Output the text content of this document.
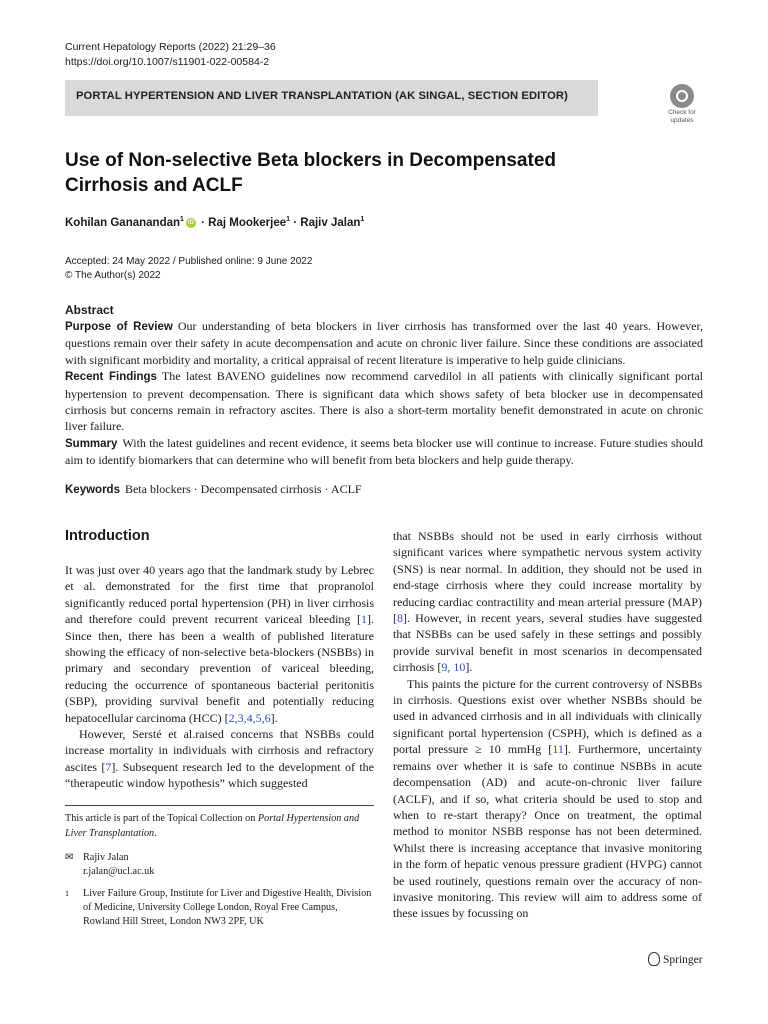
Current Hepatology Reports (2022) 21:29–36
https://doi.org/10.1007/s11901-022-00584-2
PORTAL HYPERTENSION AND LIVER TRANSPLANTATION (AK SINGAL, SECTION EDITOR)
Check for
updates
Use of Non-selective Beta blockers in Decompensated Cirrhosis and ACLF
Kohilan Gananandan$^1$ iD · Raj Mookerjee$^1$ · Rajiv Jalan$^1$
Accepted: 24 May 2022 / Published online: 9 June 2022
© The Author(s) 2022
Abstract
Purpose of Review Our understanding of beta blockers in liver cirrhosis has transformed over the last 40 years. However, questions remain over their safety in acute decompensation and acute on chronic liver failure. Since these conditions are associated with significant morbidity and mortality, a critical appraisal of recent literature is imperative to help guide clinicians.
Recent Findings The latest BAVENO guidelines now recommend carvedilol in all patients with clinically significant portal hypertension to prevent decompensation. There is significant data which shows safety of beta blocker use in decompensated cirrhosis but concerns remain in refractory ascites. There is also a short-term mortality benefit demonstrated in acute on chronic liver failure.
Summary With the latest guidelines and recent evidence, it seems beta blocker use will continue to increase. Future studies should aim to identify biomarkers that can determine who will benefit from beta blockers and help guide therapy.
Keywords Beta blockers · Decompensated cirrhosis · ACLF
Introduction

It was just over 40 years ago that the landmark study by Lebrec et al. demonstrated for the first time that propranolol significantly reduced portal hypertension (PH) in liver cirrhosis and therefore could prevent recurrent variceal bleeding [1]. Since then, there has been a wealth of published literature showing the efficacy of non-selective beta-blockers (NSBBs) in primary and secondary prevention of variceal bleeding, reducing the occurrence of spontaneous bacterial peritonitis (SBP), providing survival benefit and potentially reducing hepatocellular carcinoma (HCC) [2,3,4,5,6].

However, Sersté et al.raised concerns that NSBBs could increase mortality in individuals with cirrhosis and refractory ascites [7]. Subsequent research led to the development of the “therapeutic window hypothesis” which suggested

that NSBBs should not be used in early cirrhosis without significant varices where sympathetic nervous system activity (SNS) is near normal. In addition, they should not be used in end-stage cirrhosis where they could increase mortality by reducing cardiac contractility and mean arterial pressure (MAP) [8]. However, in recent years, several studies have suggested that NSBBs can be used safely in these settings and possibly provide survival benefit in most scenarios in decompensated cirrhosis [9, 10].

This paints the picture for the current controversy of NSBBs in cirrhosis. Questions exist over whether NSBBs should be used in advanced cirrhosis and in all individuals with clinically significant portal hypertension (CSPH), which is defined as a portal pressure ≥ 10 mmHg [11]. Furthermore, uncertainty remains over whether it is safe to continue NSBBs in acute decompensation (AD) and acute-on-chronic liver failure (ACLF), and if so, what criteria should be used to stop and when to re-start therapy? Once on treatment, the optimal method to monitor NSBB response has not been determined. Whilst there is increasing acceptance that invasive monitoring in the form of hepatic venous pressure gradient (HVPG) cannot be used routinely, questions remain over the accuracy of non-invasive monitoring. This review will aim to address some of these issues by focussing on

This article is part of the Topical Collection on Portal Hypertension and Liver Transplantation.
✉ Rajiv Jalan
r.jalan@ucl.ac.uk
1 Liver Failure Group, Institute for Liver and Digestive Health, Division of Medicine, University College London, Royal Free Campus, Rowland Hill Street, London NW3 2PF, UK
Springer
